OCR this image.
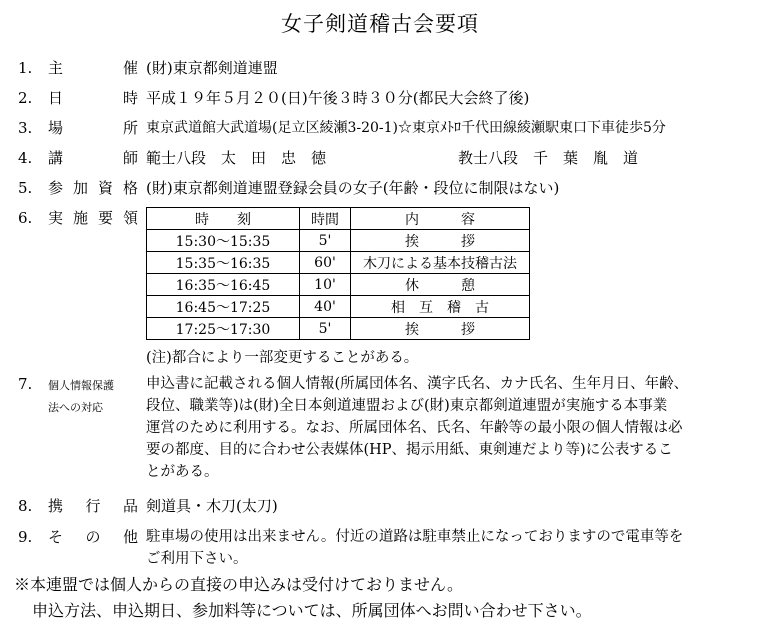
女子剣道稽古会要項
1. 主催 (財)東京都剣道連盟
2. 日時 平成１９年５月２０(日)午後３時３０分(都民大会終了後)
3. 場所 東京武道館大武道場(足立区綾瀬3-20-1)☆東京ﾒﾄﾛ千代田線綾瀬駅東口下車徒歩5分
4. 講師 範士八段　太　田　忠　徳	教士八段　千　葉　胤　道
5. 参加資格 (財)東京都剣道連盟登録会員の女子(年齢・段位に制限はない)
6. 実施要領	時　　刻	時間	内　　　容
15:30～15:35	5'	挨　　　拶
15:35～16:35	60'	木刀による基本技稽古法
16:35～16:45	10'	休　　　憩
16:45～17:25	40'	相　互　稽　古
17:25～17:30	5'	挨　　　拶
(注)都合により一部変更することがある。
7. 個人情報保護
法への対応
申込書に記載される個人情報(所属団体名、漢字氏名、カナ氏名、生年月日、年齢、
段位、職業等)は(財)全日本剣道連盟および(財)東京都剣道連盟が実施する本事業
運営のために利用する。なお、所属団体名、氏名、年齢等の最小限の個人情報は必
要の都度、目的に合わせ公表媒体(HP、掲示用紙、東剣連だより等)に公表するこ
とがある。
8. 携行品 剣道具・木刀(太刀)
9. その他 駐車場の使用は出来ません。付近の道路は駐車禁止になっておりますので電車等を
ご利用下さい。
※本連盟では個人からの直接の申込みは受付けておりません。
申込方法、申込期日、参加料等については、所属団体へお問い合わせ下さい。
